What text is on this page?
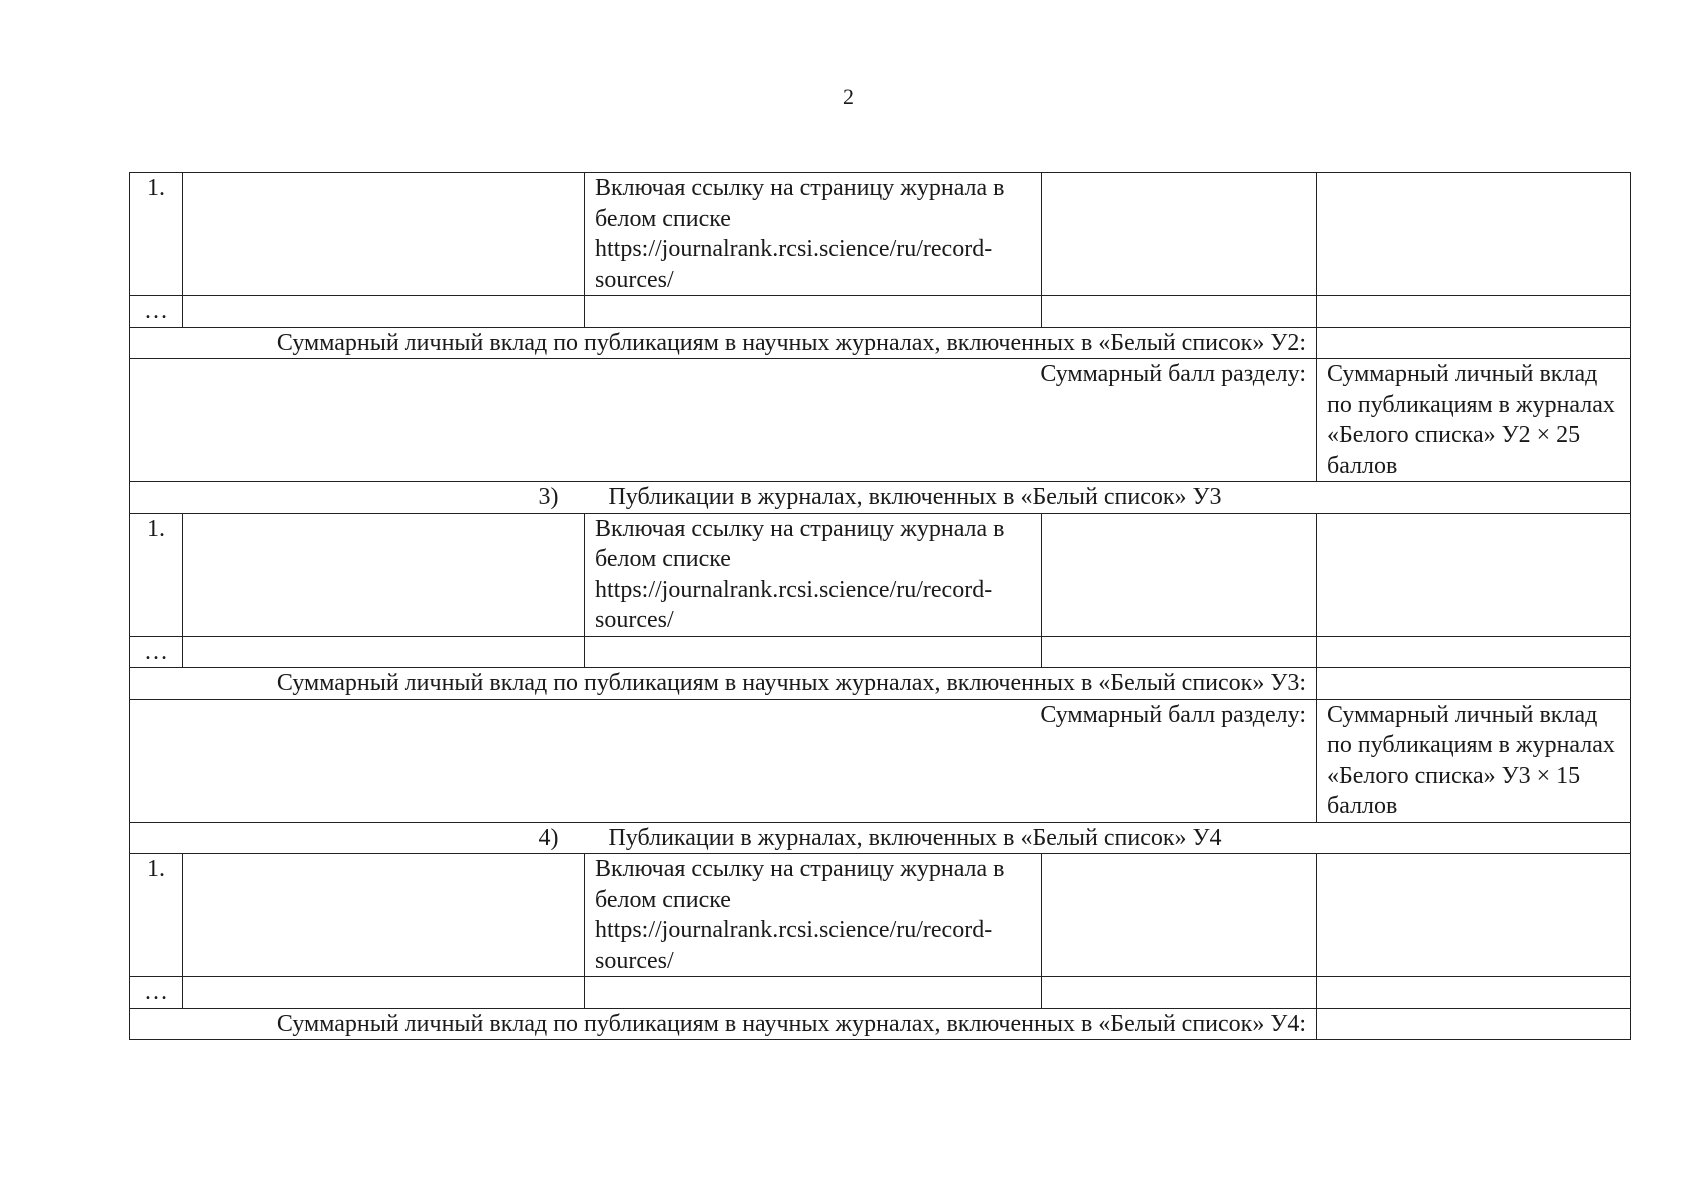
2
1.		Включая ссылку на страницу журнала в белом списке https://journalrank.rcsi.science/ru/record-sources/		
…				
Суммарный личный вклад по публикациям в научных журналах, включенных в «Белый список» У2:				
Суммарный балл разделу:				Суммарный личный вклад по публикациям в журналах «Белого списка» У2 × 25 баллов
3) Публикации в журналах, включенных в «Белый список» У3				
1.		Включая ссылку на страницу журнала в белом списке https://journalrank.rcsi.science/ru/record-sources/		
…				
Суммарный личный вклад по публикациям в научных журналах, включенных в «Белый список» У3:				
Суммарный балл разделу:				Суммарный личный вклад по публикациям в журналах «Белого списка» У3 × 15 баллов
4) Публикации в журналах, включенных в «Белый список» У4				
1.		Включая ссылку на страницу журнала в белом списке https://journalrank.rcsi.science/ru/record-sources/		
…				
Суммарный личный вклад по публикациям в научных журналах, включенных в «Белый список» У4:				
